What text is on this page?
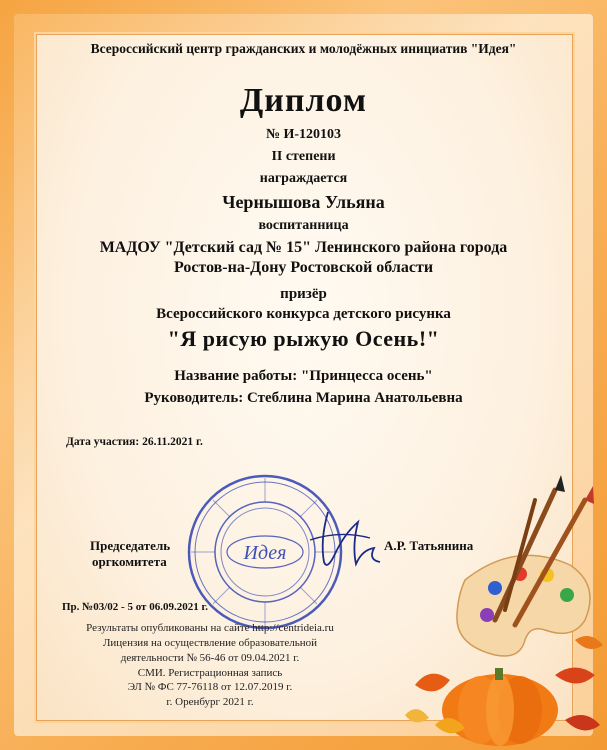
Всероссийский центр гражданских и молодёжных инициатив "Идея"
Диплом
№ И-120103
II степени
награждается
Чернышова Ульяна
воспитанница
МАДОУ "Детский сад № 15" Ленинского района города
Ростов-на-Дону Ростовской области
призёр
Всероссийского конкурса детского рисунка
"Я рисую рыжую Осень!"
Название работы: "Принцесса осень"
Руководитель: Стеблина Марина Анатольевна
Дата участия: 26.11.2021 г.
Идея
Председатель
оргкомитета
А.Р. Татьянина
Пр. №03/02 - 5 от 06.09.2021 г.
Результаты опубликованы на сайте http://centrideia.ru
Лицензия на осуществление образовательной
деятельности № 56-46 от 09.04.2021 г.
СМИ. Регистрационная запись
ЭЛ № ФС 77-76118 от 12.07.2019 г.
г. Оренбург 2021 г.
